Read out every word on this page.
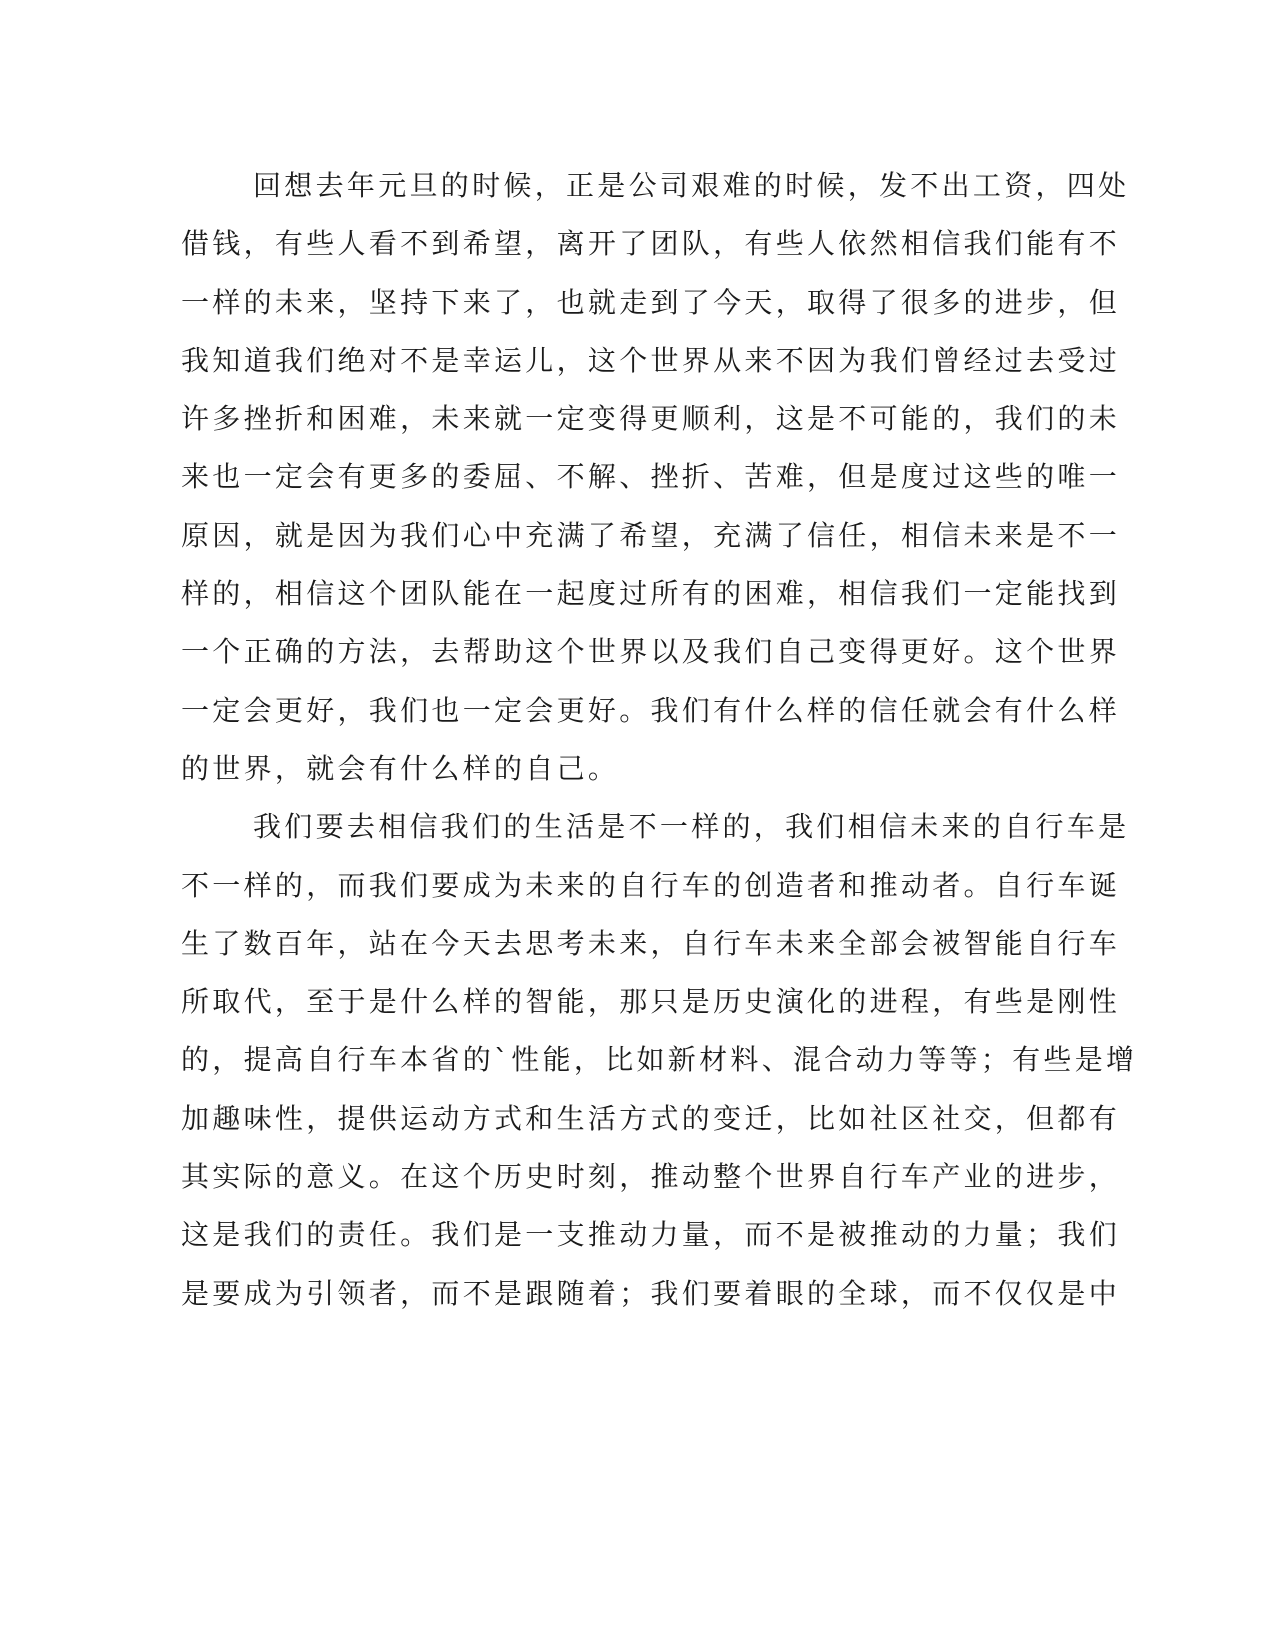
回想去年元旦的时候，正是公司艰难的时候，发不出工资，四处
借钱，有些人看不到希望，离开了团队，有些人依然相信我们能有不
一样的未来，坚持下来了，也就走到了今天，取得了很多的进步，但
我知道我们绝对不是幸运儿，这个世界从来不因为我们曾经过去受过
许多挫折和困难，未来就一定变得更顺利，这是不可能的，我们的未
来也一定会有更多的委屈、不解、挫折、苦难，但是度过这些的唯一
原因，就是因为我们心中充满了希望，充满了信任，相信未来是不一
样的，相信这个团队能在一起度过所有的困难，相信我们一定能找到
一个正确的方法，去帮助这个世界以及我们自己变得更好。这个世界
一定会更好，我们也一定会更好。我们有什么样的信任就会有什么样
的世界，就会有什么样的自己。
我们要去相信我们的生活是不一样的，我们相信未来的自行车是
不一样的，而我们要成为未来的自行车的创造者和推动者。自行车诞
生了数百年，站在今天去思考未来，自行车未来全部会被智能自行车
所取代，至于是什么样的智能，那只是历史演化的进程，有些是刚性
的，提高自行车本省的`性能，比如新材料、混合动力等等；有些是增
加趣味性，提供运动方式和生活方式的变迁，比如社区社交，但都有
其实际的意义。在这个历史时刻，推动整个世界自行车产业的进步，
这是我们的责任。我们是一支推动力量，而不是被推动的力量；我们
是要成为引领者，而不是跟随着；我们要着眼的全球，而不仅仅是中
